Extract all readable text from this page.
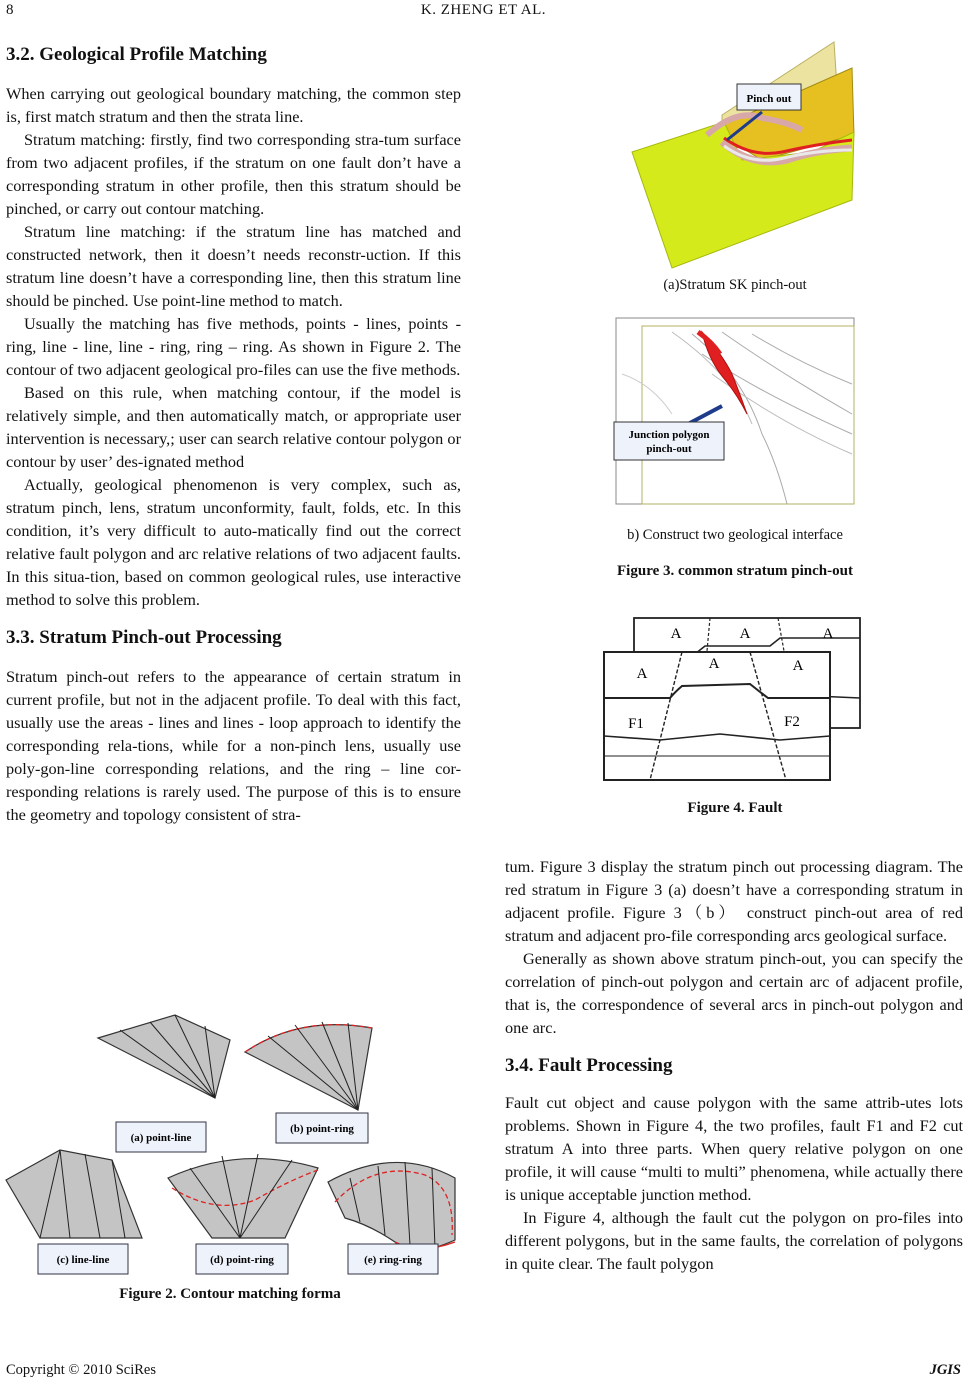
8	K. ZHENG ET AL.
3.2. Geological Profile Matching

When carrying out geological boundary matching, the common step is, first match stratum and then the strata line.

Stratum matching: firstly, find two corresponding stra-tum surface from two adjacent profiles, if the stratum on one fault don’t have a corresponding stratum in other profile, then this stratum should be pinched, or carry out contour matching.

Stratum line matching: if the stratum line has matched and constructed network, then it doesn’t needs reconstr-uction. If this stratum line doesn’t have a corresponding line, then this stratum line should be pinched. Use point-line method to match.

Usually the matching has five methods, points - lines, points - ring, line - line, line - ring, ring – ring. As shown in Figure 2. The contour of two adjacent geological pro-files can use the five methods.

Based on this rule, when matching contour, if the model is relatively simple, and then automatically match, or appropriate user intervention is necessary,; user can search relative contour polygon or contour by user’ des-ignated method

Actually, geological phenomenon is very complex, such as, stratum pinch, lens, stratum unconformity, fault, folds, etc. In this condition, it’s very difficult to auto-matically find out the correct relative fault polygon and arc relative relations of two adjacent faults. In this situa-tion, based on common geological rules, use interactive method to solve this problem.

3.3. Stratum Pinch-out Processing

Stratum pinch-out refers to the appearance of certain stratum in current profile, but not in the adjacent profile. To deal with this fact, usually use the areas - lines and lines - loop approach to identify the corresponding rela-tions, while for a non-pinch lens, usually use poly-gon-line corresponding relations, and the ring – line cor-responding relations is rarely used. The purpose of this is to ensure the geometry and topology consistent of stra-

(a) point-line
(b) point-ring
(c) line-line	(d) point-ring	(e) ring-ring
Figure 2. Contour matching forma
Pinch out
(a)Stratum SK pinch-out
Junction polygon
pinch-out
b) Construct two geological interface
Figure 3. common stratum pinch-out
A	A	A
A
A	A
F1	F2
Figure 4. Fault

tum. Figure 3 display the stratum pinch out processing diagram. The red stratum in Figure 3 (a) doesn’t have a corresponding stratum in adjacent profile. Figure 3（b） construct pinch-out area of red stratum and adjacent pro-file corresponding arcs geological surface.

Generally as shown above stratum pinch-out, you can specify the correlation of pinch-out polygon and certain arc of adjacent profile, that is, the correspondence of several arcs in pinch-out polygon and one arc.

3.4. Fault Processing

Fault cut object and cause polygon with the same attrib-utes lots problems. Shown in Figure 4, the two profiles, fault F1 and F2 cut stratum A into three parts. When query relative polygon on one profile, it will cause “multi to multi” phenomena, while actually there is unique acceptable junction method.

In Figure 4, although the fault cut the polygon on pro-files into different polygons, but in the same faults, the correlation of polygons in quite clear. The fault polygon

Copyright © 2010 SciRes	JGIS
